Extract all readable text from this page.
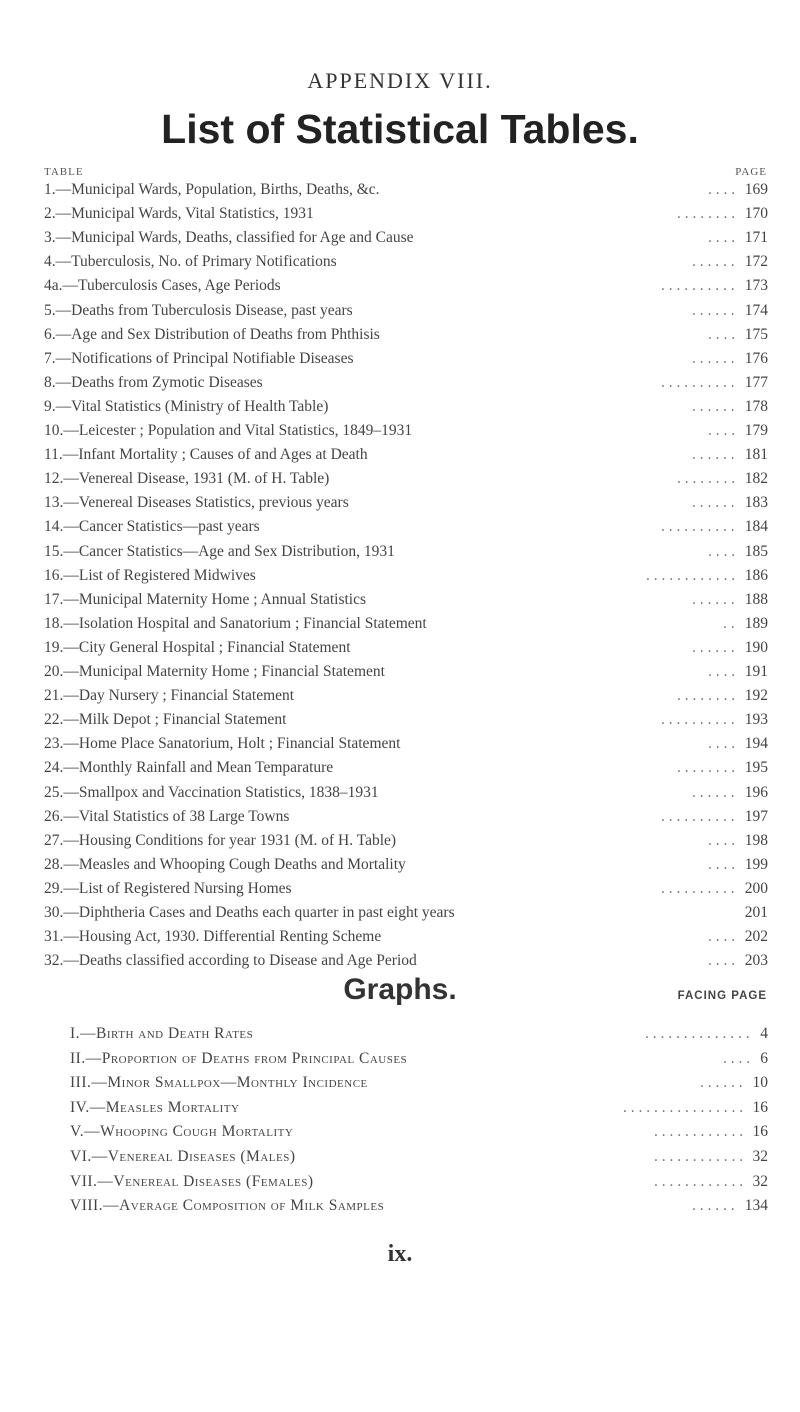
APPENDIX VIII.
List of Statistical Tables.
TABLE	PAGE
1.—Municipal Wards, Population, Births, Deaths, &c.	. . . . 169
2.—Municipal Wards, Vital Statistics, 1931	. . . . . . . . 170
3.—Municipal Wards, Deaths, classified for Age and Cause	. . . . 171
4.—Tuberculosis, No. of Primary Notifications	. . . . . . 172
4a.—Tuberculosis Cases, Age Periods	. . . . . . . . . . 173
5.—Deaths from Tuberculosis Disease, past years	. . . . . . 174
6.—Age and Sex Distribution of Deaths from Phthisis	. . . . 175
7.—Notifications of Principal Notifiable Diseases	. . . . . . 176
8.—Deaths from Zymotic Diseases	. . . . . . . . . . 177
9.—Vital Statistics (Ministry of Health Table)	. . . . . . 178
10.—Leicester ; Population and Vital Statistics, 1849–1931	. . . . 179
11.—Infant Mortality ; Causes of and Ages at Death	. . . . . . 181
12.—Venereal Disease, 1931 (M. of H. Table)	. . . . . . . . 182
13.—Venereal Diseases Statistics, previous years	. . . . . . 183
14.—Cancer Statistics—past years	. . . . . . . . . . 184
15.—Cancer Statistics—Age and Sex Distribution, 1931	. . . . 185
16.—List of Registered Midwives	. . . . . . . . . . . . 186
17.—Municipal Maternity Home ; Annual Statistics	. . . . . . 188
18.—Isolation Hospital and Sanatorium ; Financial Statement	. . 189
19.—City General Hospital ; Financial Statement	. . . . . . 190
20.—Municipal Maternity Home ; Financial Statement	. . . . 191
21.—Day Nursery ; Financial Statement	. . . . . . . . 192
22.—Milk Depot ; Financial Statement	. . . . . . . . . . 193
23.—Home Place Sanatorium, Holt ; Financial Statement	. . . . 194
24.—Monthly Rainfall and Mean Temparature	. . . . . . . . 195
25.—Smallpox and Vaccination Statistics, 1838–1931	. . . . . . 196
26.—Vital Statistics of 38 Large Towns	. . . . . . . . . . 197
27.—Housing Conditions for year 1931 (M. of H. Table)	. . . . 198
28.—Measles and Whooping Cough Deaths and Mortality	. . . . 199
29.—List of Registered Nursing Homes	. . . . . . . . . . 200
30.—Diphtheria Cases and Deaths each quarter in past eight years	201
31.—Housing Act, 1930. Differential Renting Scheme	. . . . 202
32.—Deaths classified according to Disease and Age Period	. . . . 203
Graphs.	FACING PAGE
I.—Birth and Death Rates	. . . . . . . . . . . . . . 4
II.—Proportion of Deaths from Principal Causes	. . . . 6
III.—Minor Smallpox—Monthly Incidence	. . . . . . 10
IV.—Measles Mortality	. . . . . . . . . . . . . . . . 16
V.—Whooping Cough Mortality	. . . . . . . . . . . . 16
VI.—Venereal Diseases (Males)	. . . . . . . . . . . . 32
VII.—Venereal Diseases (Females)	. . . . . . . . . . . . 32
VIII.—Average Composition of Milk Samples	. . . . . . 134
ix.
